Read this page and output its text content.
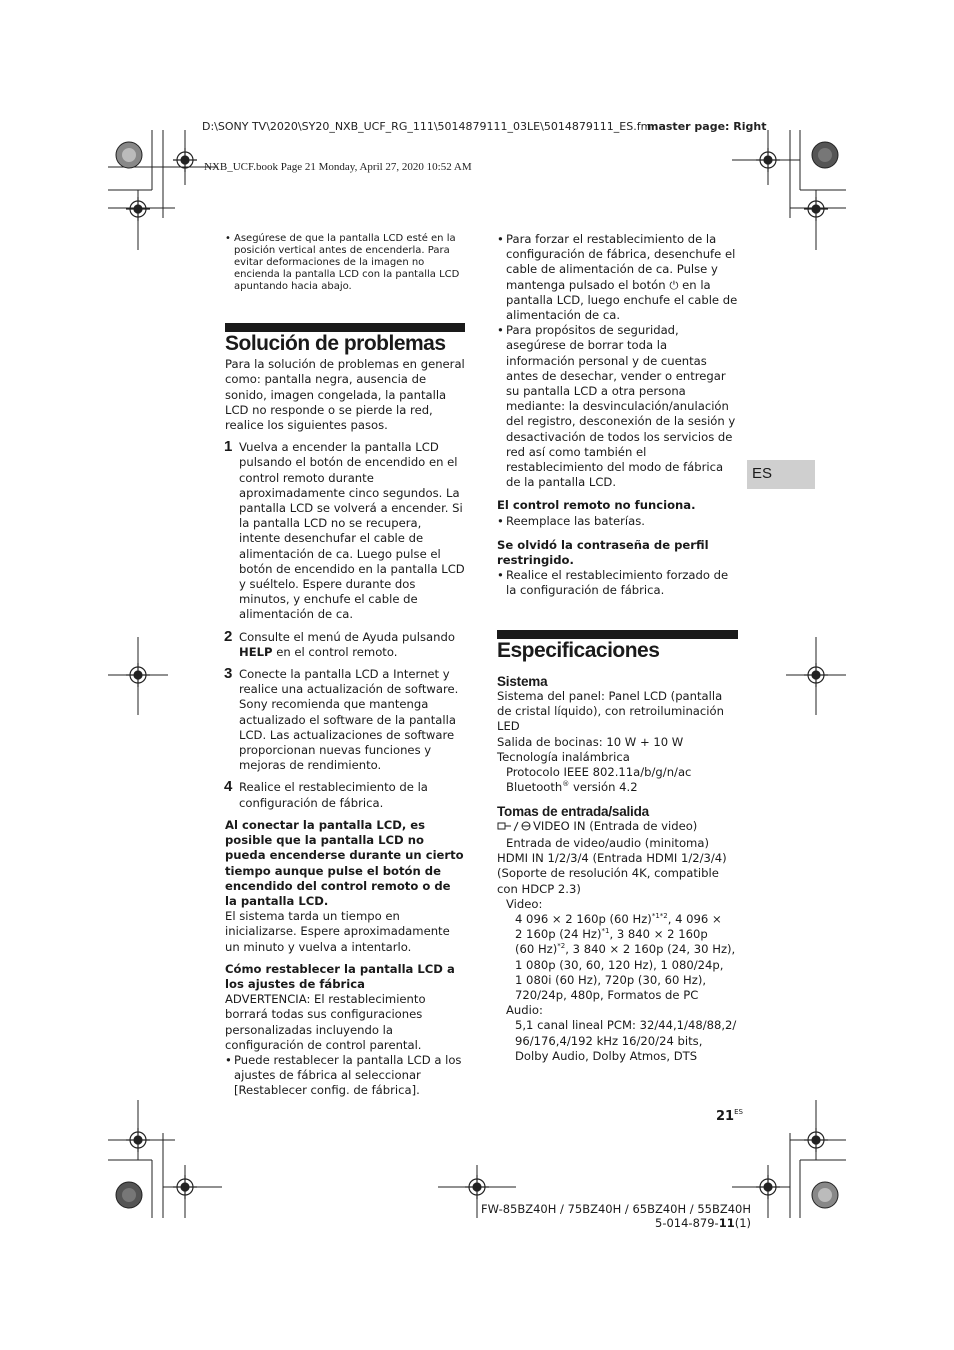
D:\SONY TV\2020\SY20_NXB_UCF_RG_111\5014879111_03LE\5014879111_ES.fm
master page: Right
NXB_UCF.book Page 21 Monday, April 27, 2020 10:52 AM

• Asegúrese de que la pantalla LCD esté en la posición vertical antes de encenderla. Para evitar deformaciones de la imagen no encienda la pantalla LCD con la pantalla LCD apuntando hacia abajo.

Solución de problemas

Para la solución de problemas en general como: pantalla negra, ausencia de sonido, imagen congelada, la pantalla LCD no responde o se pierde la red, realice los siguientes pasos.

1 Vuelva a encender la pantalla LCD pulsando el botón de encendido en el control remoto durante aproximadamente cinco segundos. La pantalla LCD se volverá a encender. Si la pantalla LCD no se recupera, intente desenchufar el cable de alimentación de ca. Luego pulse el botón de encendido en la pantalla LCD y suéltelo. Espere durante dos minutos, y enchufe el cable de alimentación de ca.

2 Consulte el menú de Ayuda pulsando HELP en el control remoto.

3 Conecte la pantalla LCD a Internet y realice una actualización de software. Sony recomienda que mantenga actualizado el software de la pantalla LCD. Las actualizaciones de software proporcionan nuevas funciones y mejoras de rendimiento.

4 Realice el restablecimiento de la configuración de fábrica.

Al conectar la pantalla LCD, es posible que la pantalla LCD no pueda encenderse durante un cierto tiempo aunque pulse el botón de encendido del control remoto o de la pantalla LCD.

El sistema tarda un tiempo en inicializarse. Espere aproximadamente un minuto y vuelva a intentarlo.

Cómo restablecer la pantalla LCD a los ajustes de fábrica

ADVERTENCIA: El restablecimiento borrará todas sus configuraciones personalizadas incluyendo la configuración de control parental.

• Puede restablecer la pantalla LCD a los ajustes de fábrica al seleccionar [Restablecer config. de fábrica].

• Para forzar el restablecimiento de la configuración de fábrica, desenchufe el cable de alimentación de ca. Pulse y mantenga pulsado el botón ⏻ en la pantalla LCD, luego enchufe el cable de alimentación de ca.

• Para propósitos de seguridad, asegúrese de borrar toda la información personal y de cuentas antes de desechar, vender o entregar su pantalla LCD a otra persona mediante: la desvinculación/anulación del registro, desconexión de la sesión y desactivación de todos los servicios de red así como también el restablecimiento del modo de fábrica de la pantalla LCD.

El control remoto no funciona.

• Reemplace las baterías.

Se olvidó la contraseña de perfil restringido.

• Realice el restablecimiento forzado de la configuración de fábrica.

Especificaciones
Sistema

Sistema del panel: Panel LCD (pantalla de cristal líquido), con retroiluminación LED

Salida de bocinas: 10 W + 10 W

Tecnología inalámbrica

Protocolo IEEE 802.11a/b/g/n/ac

Bluetooth® versión 4.2

Tomas de entrada/salida

VIDEO IN (Entrada de video)

Entrada de video/audio (minitoma)

HDMI IN 1/2/3/4 (Entrada HDMI 1/2/3/4) (Soporte de resolución 4K, compatible con HDCP 2.3)

Video:

4 096 × 2 160p (60 Hz)$^{*1*2}$, 4 096 ×

2 160p (24 Hz)$^{*1}$, 3 840 × 2 160p

(60 Hz)$^{*2}$, 3 840 × 2 160p (24, 30 Hz),

1 080p (30, 60, 120 Hz), 1 080/24p,

1 080i (60 Hz), 720p (30, 60 Hz),

720/24p, 480p, Formatos de PC

Audio:

5,1 canal lineal PCM: 32/44,1/48/88,2/ 96/176,4/192 kHz 16/20/24 bits, Dolby Audio, Dolby Atmos, DTS

ES
$21^{ES}$
FW-85BZ40H / 75BZ40H / 65BZ40H / 55BZ40H
5-014-879-11(1)
